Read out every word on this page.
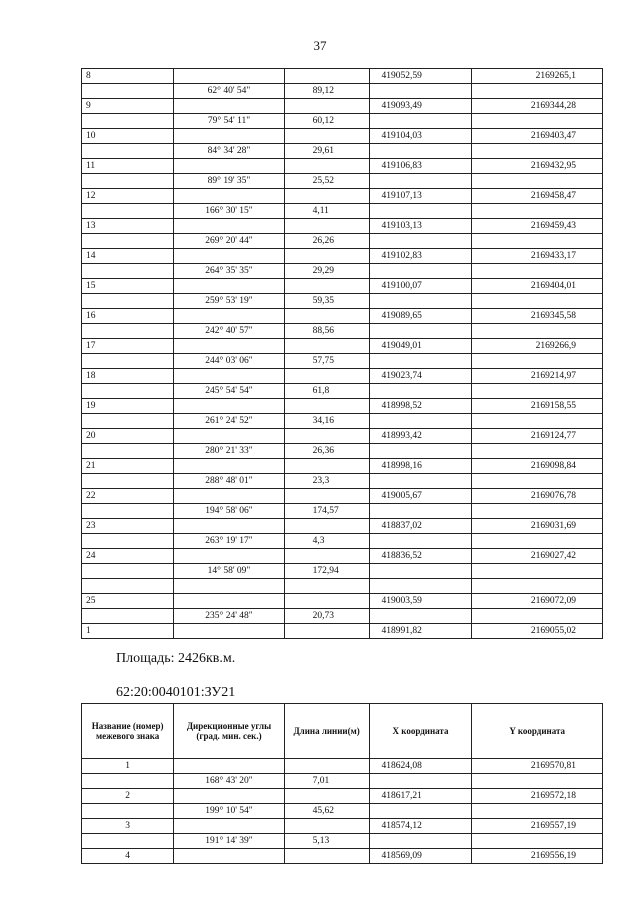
37
8			419052,59	2169265,1
	62° 40' 54"	89,12		
9			419093,49	2169344,28
	79° 54' 11"	60,12		
10			419104,03	2169403,47
	84° 34' 28"	29,61		
11			419106,83	2169432,95
	89° 19' 35"	25,52		
12			419107,13	2169458,47
	166° 30' 15"	4,11		
13			419103,13	2169459,43
	269° 20' 44"	26,26		
14			419102,83	2169433,17
	264° 35' 35"	29,29		
15			419100,07	2169404,01
	259° 53' 19"	59,35		
16			419089,65	2169345,58
	242° 40' 57"	88,56		
17			419049,01	2169266,9
	244° 03' 06"	57,75		
18			419023,74	2169214,97
	245° 54' 54"	61,8		
19			418998,52	2169158,55
	261° 24' 52"	34,16		
20			418993,42	2169124,77
	280° 21' 33"	26,36		
21			418998,16	2169098,84
	288° 48' 01"	23,3		
22			419005,67	2169076,78
	194° 58' 06"	174,57		
23			418837,02	2169031,69
	263° 19' 17"	4,3		
24			418836,52	2169027,42
	14° 58' 09"	172,94		

25			419003,59	2169072,09
	235° 24' 48"	20,73		
1			418991,82	2169055,02
Площадь: 2426кв.м.
62:20:0040101:ЗУ21
Название (номер) межевого знака	Дирекционные углы (град. мин. сек.)	Длина линии(м)	X координата	Y координата
1			418624,08	2169570,81
	168° 43' 20"	7,01		
2			418617,21	2169572,18
	199° 10' 54"	45,62		
3			418574,12	2169557,19
	191° 14' 39"	5,13		
4			418569,09	2169556,19
